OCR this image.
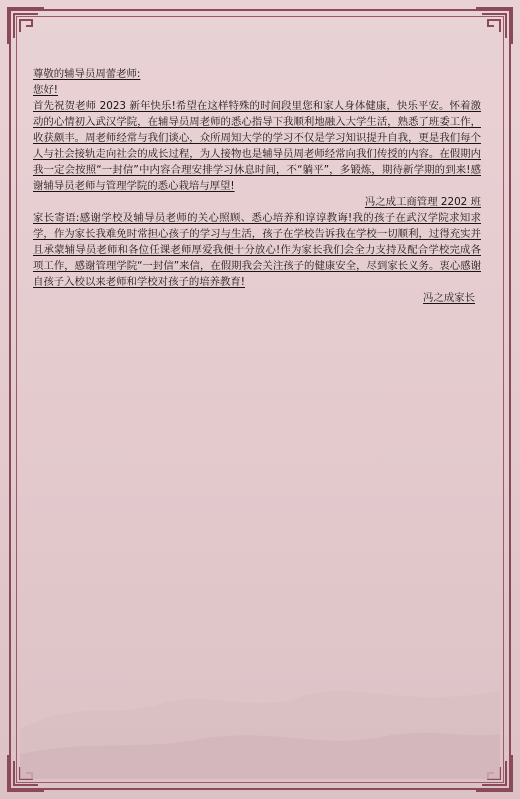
尊敬的辅导员周蕾老师:

您好!

首先祝贺老师 2023 新年快乐!希望在这样特殊的时间段里您和家人身体健康，快乐平安。怀着激动的心情初入武汉学院，在辅导员周老师的悉心指导下我顺利地融入大学生活，熟悉了班委工作，收获颇丰。周老师经常与我们谈心，众所周知大学的学习不仅是学习知识提升自我，更是我们每个人与社会接轨走向社会的成长过程，为人接物也是辅导员周老师经常向我们传授的内容。在假期内我一定会按照“一封信”中内容合理安排学习休息时间，不“躺平”，多锻炼，期待新学期的到来!感谢辅导员老师与管理学院的悉心栽培与厚望!

冯之成工商管理 2202 班

家长寄语:感谢学校及辅导员老师的关心照顾、悉心培养和谆谆教诲!我的孩子在武汉学院求知求学，作为家长我难免时常担心孩子的学习与生活，孩子在学校告诉我在学校一切顺利，过得充实并且承蒙辅导员老师和各位任课老师厚爱我便十分放心!作为家长我们会全力支持及配合学校完成各项工作，感谢管理学院“一封信”来信，在假期我会关注孩子的健康安全，尽到家长义务。衷心感谢自孩子入校以来老师和学校对孩子的培养教育!

冯之成家长
